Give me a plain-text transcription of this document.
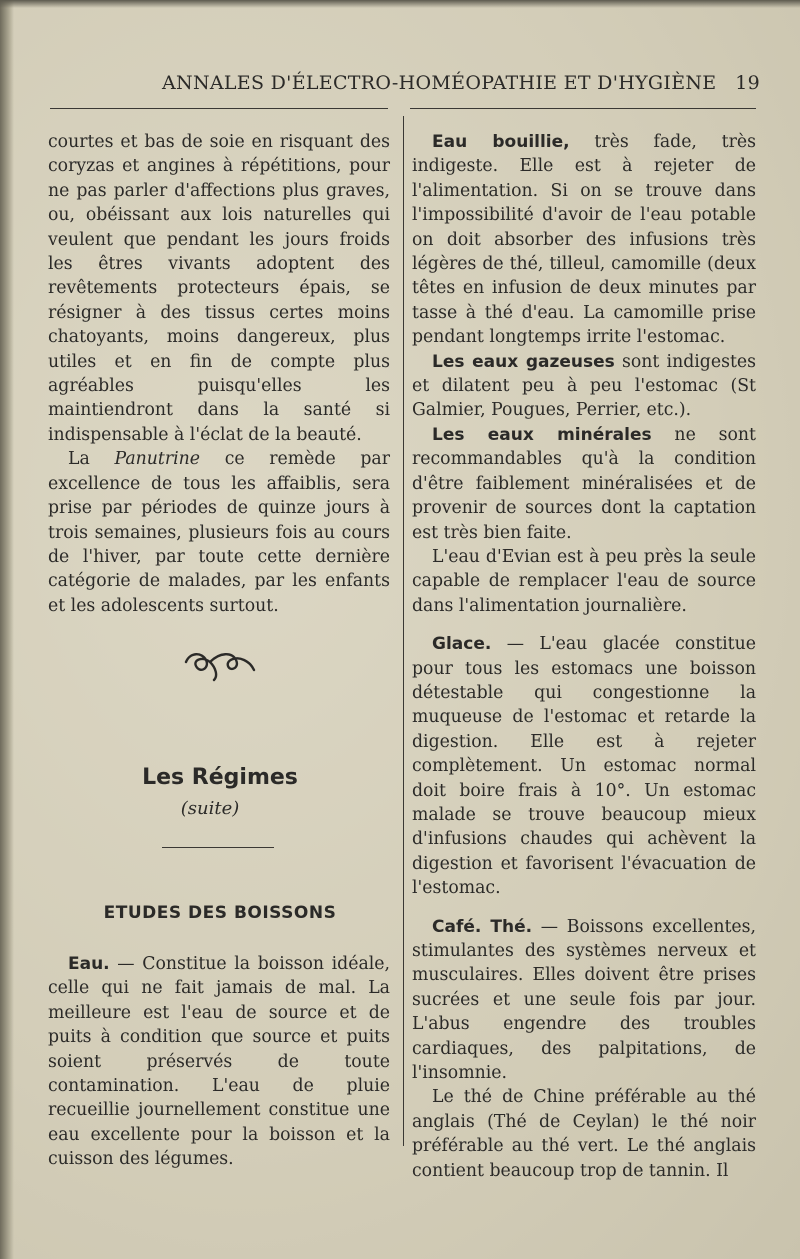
ANNALES D'ÉLECTRO-HOMÉOPATHIE ET D'HYGIÈNE 19

courtes et bas de soie en risquant des coryzas et angines à répétitions, pour ne pas parler d'affections plus graves, ou, obéissant aux lois naturelles qui veulent que pendant les jours froids les êtres vivants adoptent des revêtements protecteurs épais, se résigner à des tissus certes moins chatoyants, moins dangereux, plus utiles et en fin de compte plus agréables puisqu'elles les maintiendront dans la santé si indispensable à l'éclat de la beauté.

La Panutrine ce remède par excellence de tous les affaiblis, sera prise par périodes de quinze jours à trois semaines, plusieurs fois au cours de l'hiver, par toute cette dernière catégorie de malades, par les enfants et les adolescents surtout.

Les Régimes
(suite)
ETUDES DES BOISSONS

Eau. — Constitue la boisson idéale, celle qui ne fait jamais de mal. La meilleure est l'eau de source et de puits à condition que source et puits soient préservés de toute contamination. L'eau de pluie recueillie journellement constitue une eau excellente pour la boisson et la cuisson des légumes.

Eau bouillie, très fade, très indigeste. Elle est à rejeter de l'alimentation. Si on se trouve dans l'impossibilité d'avoir de l'eau potable on doit absorber des infusions très légères de thé, tilleul, camomille (deux têtes en infusion de deux minutes par tasse à thé d'eau. La camomille prise pendant longtemps irrite l'estomac.

Les eaux gazeuses sont indigestes et dilatent peu à peu l'estomac (St Galmier, Pougues, Perrier, etc.).

Les eaux minérales ne sont recommandables qu'à la condition d'être faiblement minéralisées et de provenir de sources dont la captation est très bien faite.

L'eau d'Evian est à peu près la seule capable de remplacer l'eau de source dans l'alimentation journalière.

Glace. — L'eau glacée constitue pour tous les estomacs une boisson détestable qui congestionne la muqueuse de l'estomac et retarde la digestion. Elle est à rejeter complètement. Un estomac normal doit boire frais à 10°. Un estomac malade se trouve beaucoup mieux d'infusions chaudes qui achèvent la digestion et favorisent l'évacuation de l'estomac.

Café. Thé. — Boissons excellentes, stimulantes des systèmes nerveux et musculaires. Elles doivent être prises sucrées et une seule fois par jour. L'abus engendre des troubles cardiaques, des palpitations, de l'insomnie.

Le thé de Chine préférable au thé anglais (Thé de Ceylan) le thé noir préférable au thé vert. Le thé anglais contient beaucoup trop de tannin. Il
